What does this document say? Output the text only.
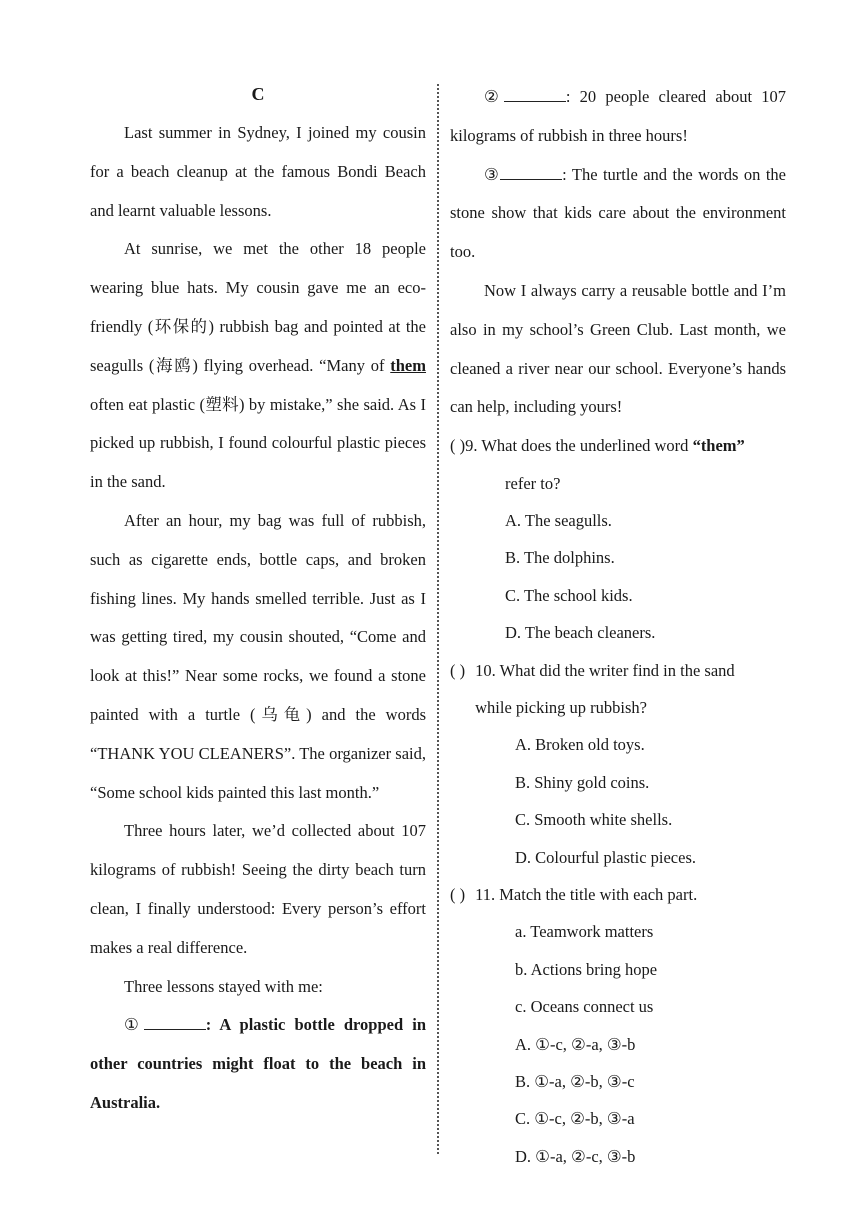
C

Last summer in Sydney, I joined my cousin for a beach cleanup at the famous Bondi Beach and learnt valuable lessons.

At sunrise, we met the other 18 people wearing blue hats. My cousin gave me an eco-friendly (环保的) rubbish bag and pointed at the seagulls (海鸥) flying overhead. “Many of them often eat plastic (塑料) by mistake,” she said. As I picked up rubbish, I found colourful plastic pieces in the sand.

After an hour, my bag was full of rubbish, such as cigarette ends, bottle caps, and broken fishing lines. My hands smelled terrible. Just as I was getting tired, my cousin shouted, “Come and look at this!” Near some rocks, we found a stone painted with a turtle (乌龟) and the words “THANK YOU CLEANERS”. The organizer said, “Some school kids painted this last month.”

Three hours later, we’d collected about 107 kilograms of rubbish! Seeing the dirty beach turn clean, I finally understood: Every person’s effort makes a real difference.

Three lessons stayed with me:

①	: A plastic bottle dropped in other countries might float to the beach in Australia.

②	: 20 people cleared about 107 kilograms of rubbish in three hours!

③	: The turtle and the words on the stone show that kids care about the environment too.

Now I always carry a reusable bottle and I’m also in my school’s Green Club. Last month, we cleaned a river near our school. Everyone’s hands can help, including yours!

( )9. What does the underlined word “them”

refer to?

A. The seagulls.

B. The dolphins.

C. The school kids.

D. The beach cleaners.

( ) 10. What did the writer find in the sand while picking up rubbish?

A. Broken old toys.

B. Shiny gold coins.

C. Smooth white shells.

D. Colourful plastic pieces.

( ) 11. Match the title with each part.

a. Teamwork matters

b. Actions bring hope

c. Oceans connect us

A. ①-c, ②-a, ③-b

B. ①-a, ②-b, ③-c

C. ①-c, ②-b, ③-a

D. ①-a, ②-c, ③-b
